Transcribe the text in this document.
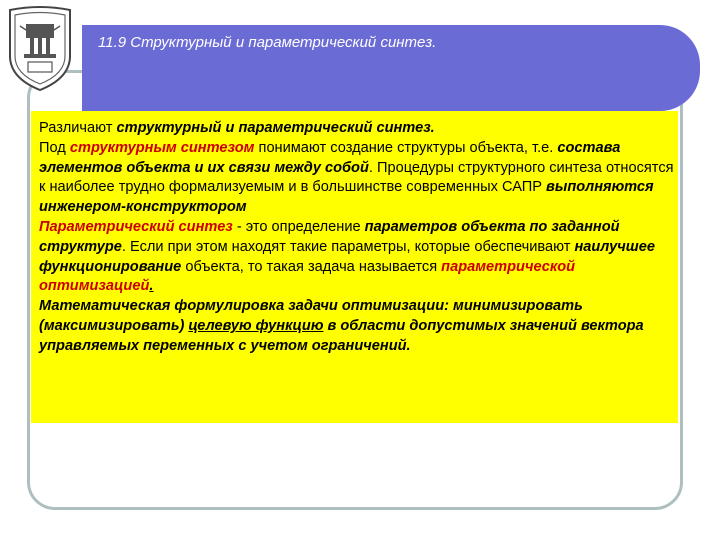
11.9 Структурный и параметрический синтез.
Различают структурный и параметрический синтез.
Под структурным синтезом понимают создание структуры объекта, т.е. состава элементов объекта и их связи между собой. Процедуры структурного синтеза относятся к наиболее трудно формализуемым и в большинстве современных САПР выполняются инженером-конструктором
Параметрический синтез - это определение параметров объекта по заданной структуре. Если при этом находят такие параметры, которые обеспечивают наилучшее функционирование объекта, то такая задача называется параметрической оптимизацией.
Математическая формулировка задачи оптимизации: минимизировать (максимизировать) целевую функцию в области допустимых значений вектора управляемых переменных с учетом ограничений.
